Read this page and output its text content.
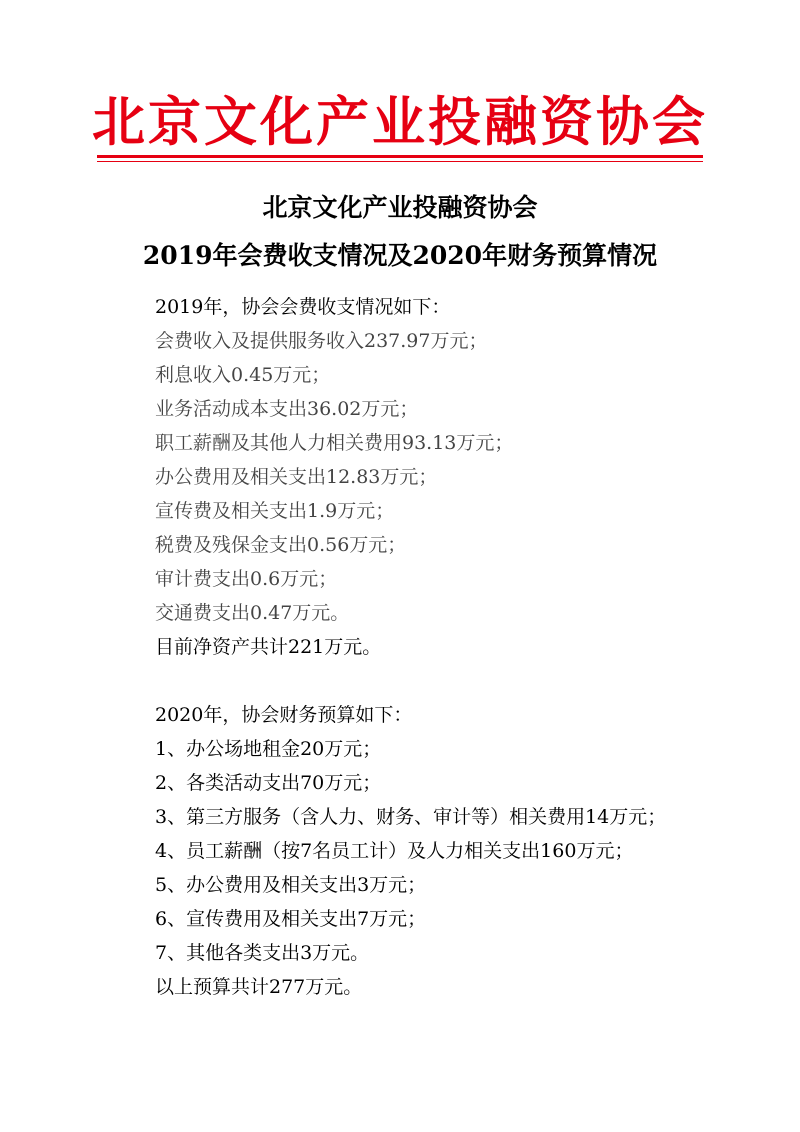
北京文化产业投融资协会
北京文化产业投融资协会
2019年会费收支情况及2020年财务预算情况
2019年，协会会费收支情况如下：
会费收入及提供服务收入237.97万元；
利息收入0.45万元；
业务活动成本支出36.02万元；
职工薪酬及其他人力相关费用93.13万元；
办公费用及相关支出12.83万元；
宣传费及相关支出1.9万元；
税费及残保金支出0.56万元；
审计费支出0.6万元；
交通费支出0.47万元。
目前净资产共计221万元。
2020年，协会财务预算如下：
1、办公场地租金20万元；
2、各类活动支出70万元；
3、第三方服务（含人力、财务、审计等）相关费用14万元；
4、员工薪酬（按7名员工计）及人力相关支出160万元；
5、办公费用及相关支出3万元；
6、宣传费用及相关支出7万元；
7、其他各类支出3万元。
以上预算共计277万元。
